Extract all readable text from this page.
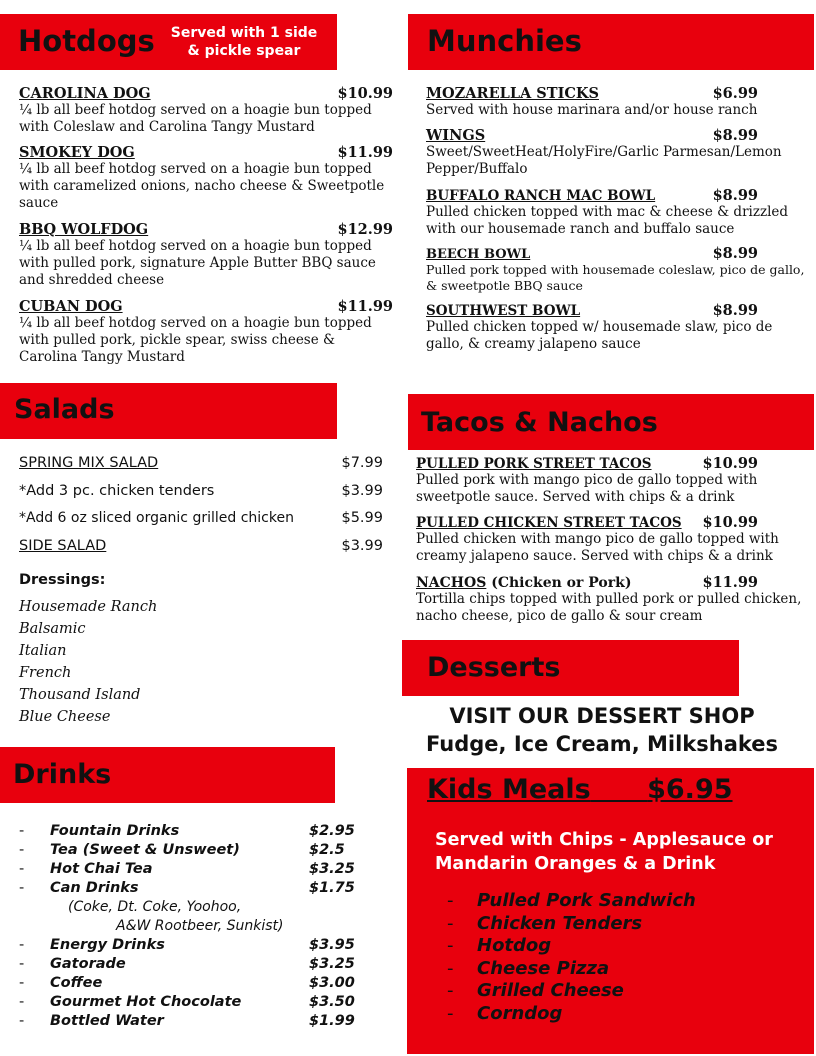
Hotdogs	Served with 1 side
& pickle spear
CAROLINA DOG	$10.99
¼ lb all beef hotdog served on a hoagie bun topped with Coleslaw and Carolina Tangy Mustard
SMOKEY DOG	$11.99
¼ lb all beef hotdog served on a hoagie bun topped with caramelized onions, nacho cheese & Sweetpotle sauce
BBQ WOLFDOG	$12.99
¼ lb all beef hotdog served on a hoagie bun topped with pulled pork, signature Apple Butter BBQ sauce and shredded cheese
CUBAN DOG	$11.99
¼ lb all beef hotdog served on a hoagie bun topped with pulled pork, pickle spear, swiss cheese & Carolina Tangy Mustard
Munchies
MOZARELLA STICKS	$6.99
Served with house marinara and/or house ranch
WINGS	$8.99
Sweet/SweetHeat/HolyFire/Garlic Parmesan/Lemon Pepper/Buffalo
BUFFALO RANCH MAC BOWL	$8.99
Pulled chicken topped with mac & cheese & drizzled with our housemade ranch and buffalo sauce
BEECH BOWL	$8.99
Pulled pork topped with housemade coleslaw, pico de gallo, & sweetpotle BBQ sauce
SOUTHWEST BOWL	$8.99
Pulled chicken topped w/ housemade slaw, pico de gallo, & creamy jalapeno sauce
Salads
SPRING MIX SALAD	$7.99
*Add 3 pc. chicken tenders	$3.99
*Add 6 oz sliced organic grilled chicken	$5.99
SIDE SALAD	$3.99
Dressings:
Housemade Ranch
Balsamic
Italian
French
Thousand Island
Blue Cheese
Tacos & Nachos
PULLED PORK STREET TACOS	$10.99
Pulled pork with mango pico de gallo topped with sweetpotle sauce. Served with chips & a drink
PULLED CHICKEN STREET TACOS $10.99
Pulled chicken with mango pico de gallo topped with creamy jalapeno sauce. Served with chips & a drink
NACHOS (Chicken or Pork)	$11.99
Tortilla chips topped with pulled pork or pulled chicken, nacho cheese, pico de gallo & sour cream
Desserts
VISIT OUR DESSERT SHOP
Fudge, Ice Cream, Milkshakes
Drinks
-	Fountain Drinks	$2.95
-	Tea (Sweet & Unsweet)	$2.5
-	Hot Chai Tea	$3.25
-	Can Drinks	$1.75
(Coke, Dt. Coke, Yoohoo,
A&W Rootbeer, Sunkist)
-	Energy Drinks	$3.95
-	Gatorade	$3.25
-	Coffee	$3.00
-	Gourmet Hot Chocolate	$3.50
-	Bottled Water	$1.99
Kids Meals $6.95
Served with Chips - Applesauce or
Mandarin Oranges & a Drink
-	Pulled Pork Sandwich
-	Chicken Tenders
-	Hotdog
-	Cheese Pizza
-	Grilled Cheese
-	Corndog
